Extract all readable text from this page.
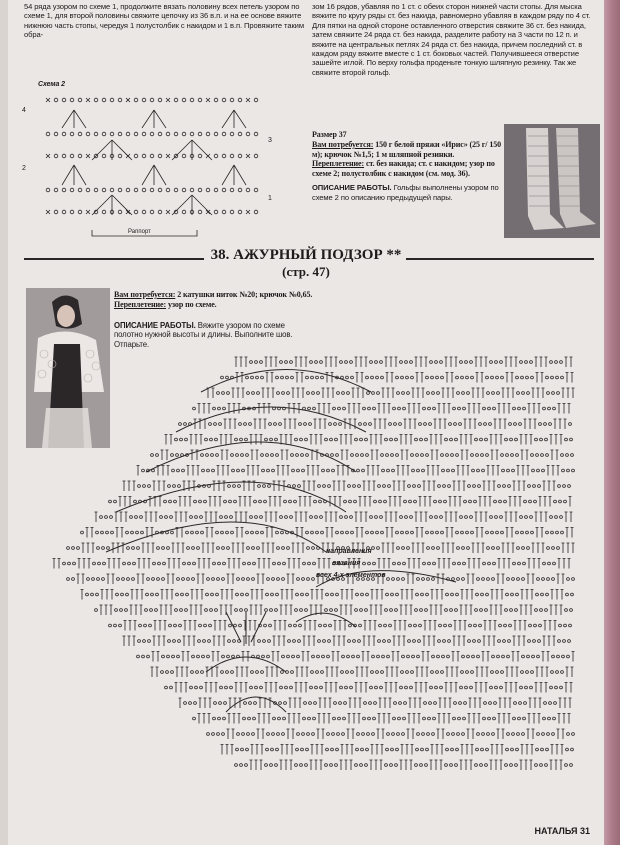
54 ряда узором по схеме 1, продолжите вязать половину всех петель узором по схеме 1, для второй половины свяжите цепочку из 36 в.п. и на ее основе вяжите нижнюю часть стопы, чередуя 1 полустолбик с накидом и 1 в.п. Провяжите таким обра-

Схема 2
4
2
3
1
Раппорт

зом 16 рядов, убавляя по 1 ст. с обеих сторон нижней части стопы. Для мыска вяжите по кругу ряды ст. без накида, равномерно убавляя в каждом ряду по 4 ст. Для пятки на одной стороне оставленного отверстия свяжите 36 ст. без накида, затем свяжите 24 ряда ст. без накида, разделите работу на 3 части по 12 п. и вяжите на центральных петлях 24 ряда ст. без накида, причем последний ст. в каждом ряду вяжите вместе с 1 ст. боковых частей. Получившееся отверстие зашейте иглой. По верху гольфа проденьте тонкую шляпную резинку. Так же свяжите второй гольф.

Размер 37

Вам потребуется: 150 г белой пряжи «Ирис» (25 г/ 150 м); крючок №1,5; 1 м шляпной резинки.

Переплетение: ст. без накида; ст. с накидом; узор по схеме 2; полустолбик с накидом (см. мод. 36).

ОПИСАНИЕ РАБОТЫ. Гольфы выполнены узором по схеме 2 по описанию предыдущей пары.

38. АЖУРНЫЙ ПОДЗОР **
(стр. 47)

Вам потребуется: 2 катушки ниток №20; крючок №0,65.

Переплетение: узор по схеме.

ОПИСАНИЕ РАБОТЫ. Вяжите узором по схеме полотно нужной высоты и длины. Выполните шов. Отпарьте.

направления
вязания
всех 4-х элементов
НАТАЛЬЯ 31
